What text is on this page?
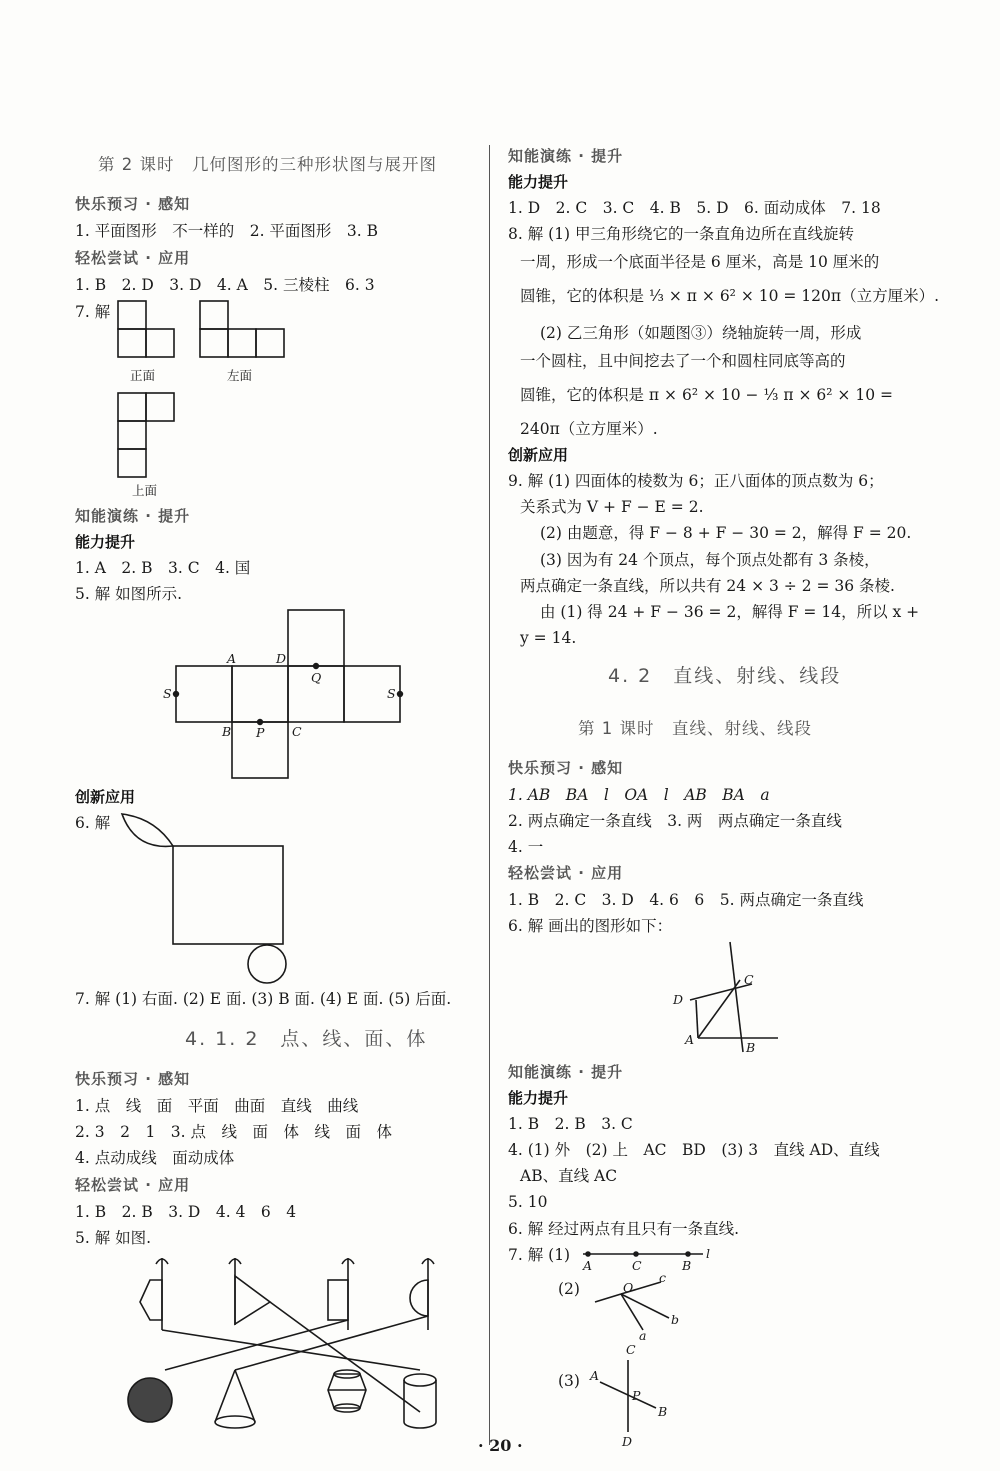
第 2 课时　几何图形的三种形状图与展开图
快乐预习 · 感知
1. 平面图形　不一样的　2. 平面图形　3. B
轻松尝试 · 应用
1. B　2. D　3. D　4. A　5. 三棱柱　6. 3
7. 解
正面	左面
上面
知能演练 · 提升
能力提升
1. A　2. B　3. C　4. 国
5. 解 如图所示.
A	D
Q
S	S
B P C
创新应用
6. 解
7. 解 (1) 右面. (2) E 面. (3) B 面. (4) E 面. (5) 后面.
4. 1. 2　点、线、面、体
快乐预习 · 感知
1. 点　线　面　平面　曲面　直线　曲线
2. 3　2　1　3. 点　线　面　体　线　面　体
4. 点动成线　面动成体
轻松尝试 · 应用
1. B　2. B　3. D　4. 4　6　4
5. 解 如图.
知能演练 · 提升
能力提升
1. D　2. C　3. C　4. B　5. D　6. 面动成体　7. 18
8. 解 (1) 甲三角形绕它的一条直角边所在直线旋转
一周，形成一个底面半径是 6 厘米，高是 10 厘米的
圆锥，它的体积是 ⅓ × π × 6² × 10 = 120π（立方厘米）.
(2) 乙三角形（如题图③）绕轴旋转一周，形成
一个圆柱，且中间挖去了一个和圆柱同底等高的
圆锥，它的体积是 π × 6² × 10 − ⅓ π × 6² × 10 =
240π（立方厘米）.
创新应用
9. 解 (1) 四面体的棱数为 6；正八面体的顶点数为 6；
关系式为 V + F − E = 2.
(2) 由题意，得 F − 8 + F − 30 = 2，解得 F = 20.
(3) 因为有 24 个顶点，每个顶点处都有 3 条棱，
两点确定一条直线，所以共有 24 × 3 ÷ 2 = 36 条棱.
由 (1) 得 24 + F − 36 = 2，解得 F = 14，所以 x +
y = 14.
4. 2　直线、射线、线段
第 1 课时　直线、射线、线段
快乐预习 · 感知
1. AB　BA　l　OA　l　AB　BA　a
2. 两点确定一条直线　3. 两　两点确定一条直线
4. 一
轻松尝试 · 应用
1. B　2. C　3. D　4. 6　6　5. 两点确定一条直线
6. 解 画出的图形如下：
C
D
A
B
知能演练 · 提升
能力提升
1. B　2. B　3. C
4. (1) 外　(2) 上　AC　BD　(3) 3　直线 AD、直线
AB、直线 AC
5. 10
6. 解 经过两点有且只有一条直线.
7. 解 (1)
A	C	B
l
(2)	O
c
b
a
(3)
C
A
P
B
D
· 20 ·
